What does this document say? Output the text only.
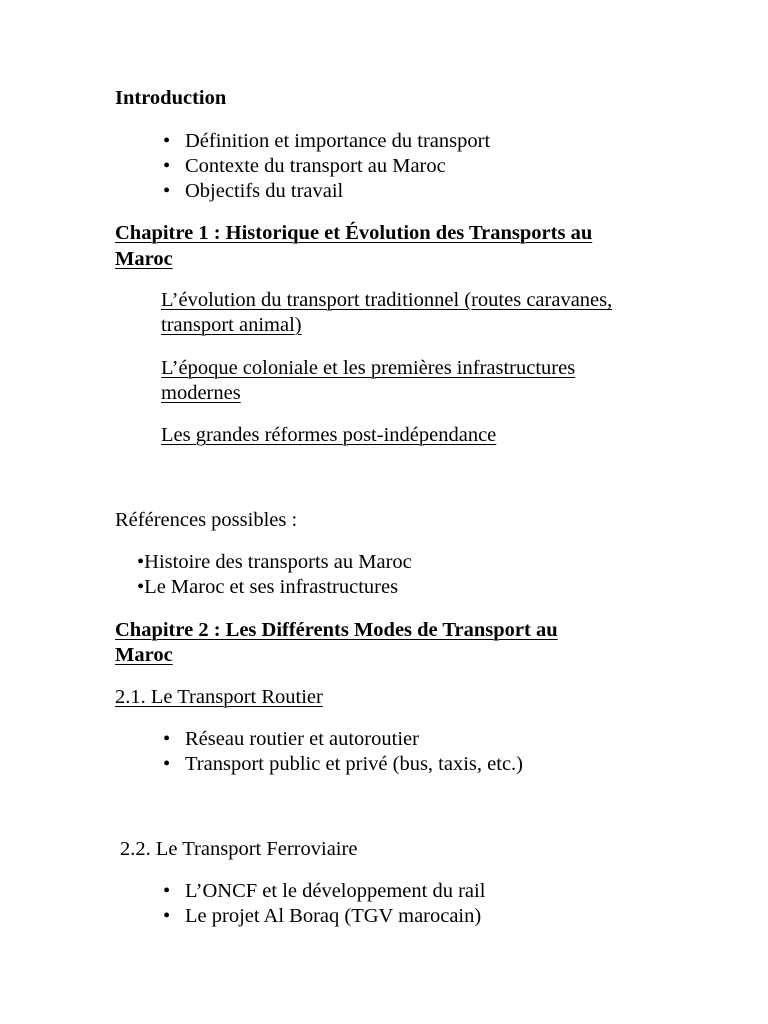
Introduction
• Définition et importance du transport
• Contexte du transport au Maroc
• Objectifs du travail
Chapitre 1 : Historique et Évolution des Transports au
Maroc
L’évolution du transport traditionnel (routes caravanes,
transport animal)
L’époque coloniale et les premières infrastructures
modernes
Les grandes réformes post-indépendance
Références possibles :
•Histoire des transports au Maroc
•Le Maroc et ses infrastructures
Chapitre 2 : Les Différents Modes de Transport au
Maroc
2.1. Le Transport Routier
• Réseau routier et autoroutier
• Transport public et privé (bus, taxis, etc.)
2.2. Le Transport Ferroviaire
• L’ONCF et le développement du rail
• Le projet Al Boraq (TGV marocain)
